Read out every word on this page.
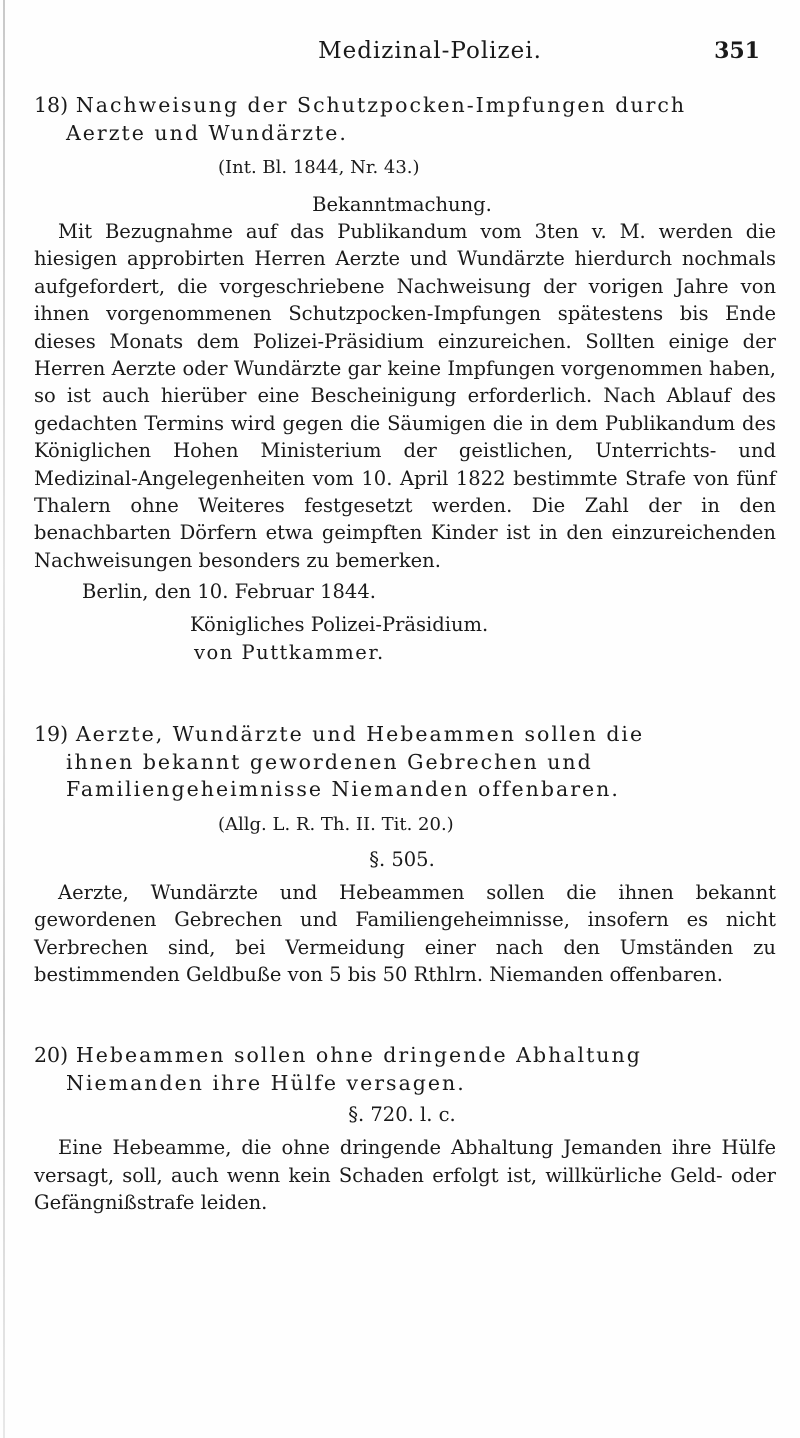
Medizinal-Polizei.	351

18) Nachweisung der Schutzpocken-Impfungen durch
Aerzte und Wundärzte.

(Int. Bl. 1844, Nr. 43.)

Bekanntmachung.

Mit Bezugnahme auf das Publikandum vom 3ten v. M. werden die hiesigen approbirten Herren Aerzte und Wundärzte hierdurch nochmals aufgefordert, die vorgeschriebene Nachweisung der vorigen Jahre von ihnen vorgenommenen Schutzpocken-Impfungen spätestens bis Ende dieses Monats dem Polizei-Präsidium einzureichen. Sollten einige der Herren Aerzte oder Wundärzte gar keine Impfungen vorgenommen haben, so ist auch hierüber eine Bescheinigung erforderlich. Nach Ablauf des gedachten Termins wird gegen die Säumigen die in dem Publikandum des Königlichen Hohen Ministerium der geistlichen, Unterrichts- und Medizinal-Angelegenheiten vom 10. April 1822 bestimmte Strafe von fünf Thalern ohne Weiteres festgesetzt werden. Die Zahl der in den benachbarten Dörfern etwa geimpften Kinder ist in den einzureichenden Nachweisungen besonders zu bemerken.

Berlin, den 10. Februar 1844.

Königliches Polizei-Präsidium.

von Puttkammer.

19) Aerzte, Wundärzte und Hebeammen sollen die
ihnen bekannt gewordenen Gebrechen und Familiengeheimnisse Niemanden offenbaren.

(Allg. L. R. Th. II. Tit. 20.)

§. 505.

Aerzte, Wundärzte und Hebeammen sollen die ihnen bekannt gewordenen Gebrechen und Familiengeheimnisse, insofern es nicht Verbrechen sind, bei Vermeidung einer nach den Umständen zu bestimmenden Geldbuße von 5 bis 50 Rthlrn. Niemanden offenbaren.

20) Hebeammen sollen ohne dringende Abhaltung
Niemanden ihre Hülfe versagen.

§. 720. l. c.

Eine Hebeamme, die ohne dringende Abhaltung Jemanden ihre Hülfe versagt, soll, auch wenn kein Schaden erfolgt ist, willkürliche Geld- oder Gefängnißstrafe leiden.
